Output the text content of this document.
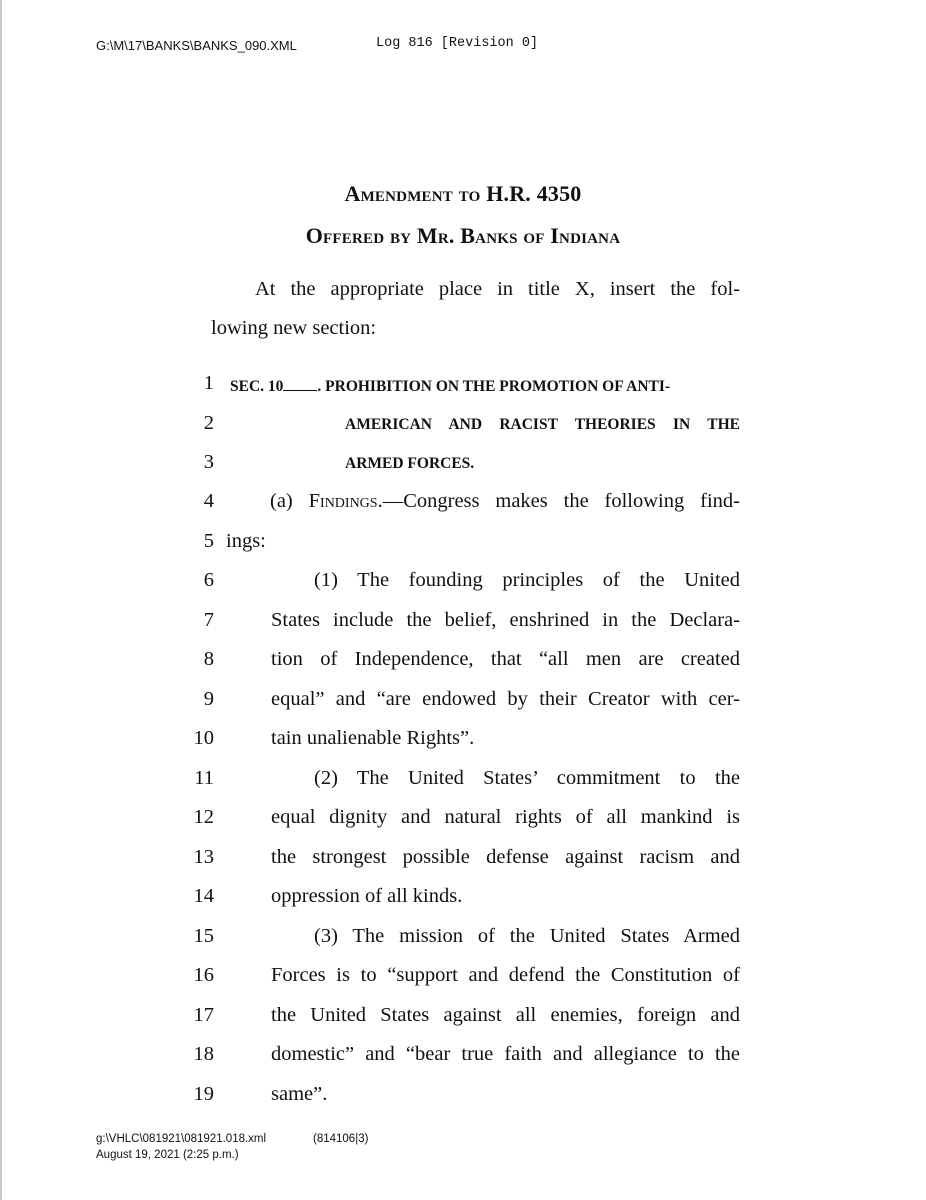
G:\M\17\BANKS\BANKS_090.XML	Log 816 [Revision 0]
Amendment to H.R. 4350
Offered by Mr. Banks of Indiana
At the appropriate place in title X, insert the fol-
lowing new section:
1 SEC. 10 . PROHIBITION ON THE PROMOTION OF ANTI-
2	AMERICAN AND RACIST THEORIES IN THE
3	ARMED FORCES.
4	(a) Findings.—Congress makes the following find-
5 ings:
6	(1) The founding principles of the United
7	States include the belief, enshrined in the Declara-
8	tion of Independence, that “all men are created
9	equal” and “are endowed by their Creator with cer-
10	tain unalienable Rights”.
11	(2) The United States’ commitment to the
12	equal dignity and natural rights of all mankind is
13	the strongest possible defense against racism and
14	oppression of all kinds.
15	(3) The mission of the United States Armed
16	Forces is to “support and defend the Constitution of
17	the United States against all enemies, foreign and
18	domestic” and “bear true faith and allegiance to the
19	same”.
g:\VHLC\081921\081921.018.xml	(814106|3)
August 19, 2021 (2:25 p.m.)
